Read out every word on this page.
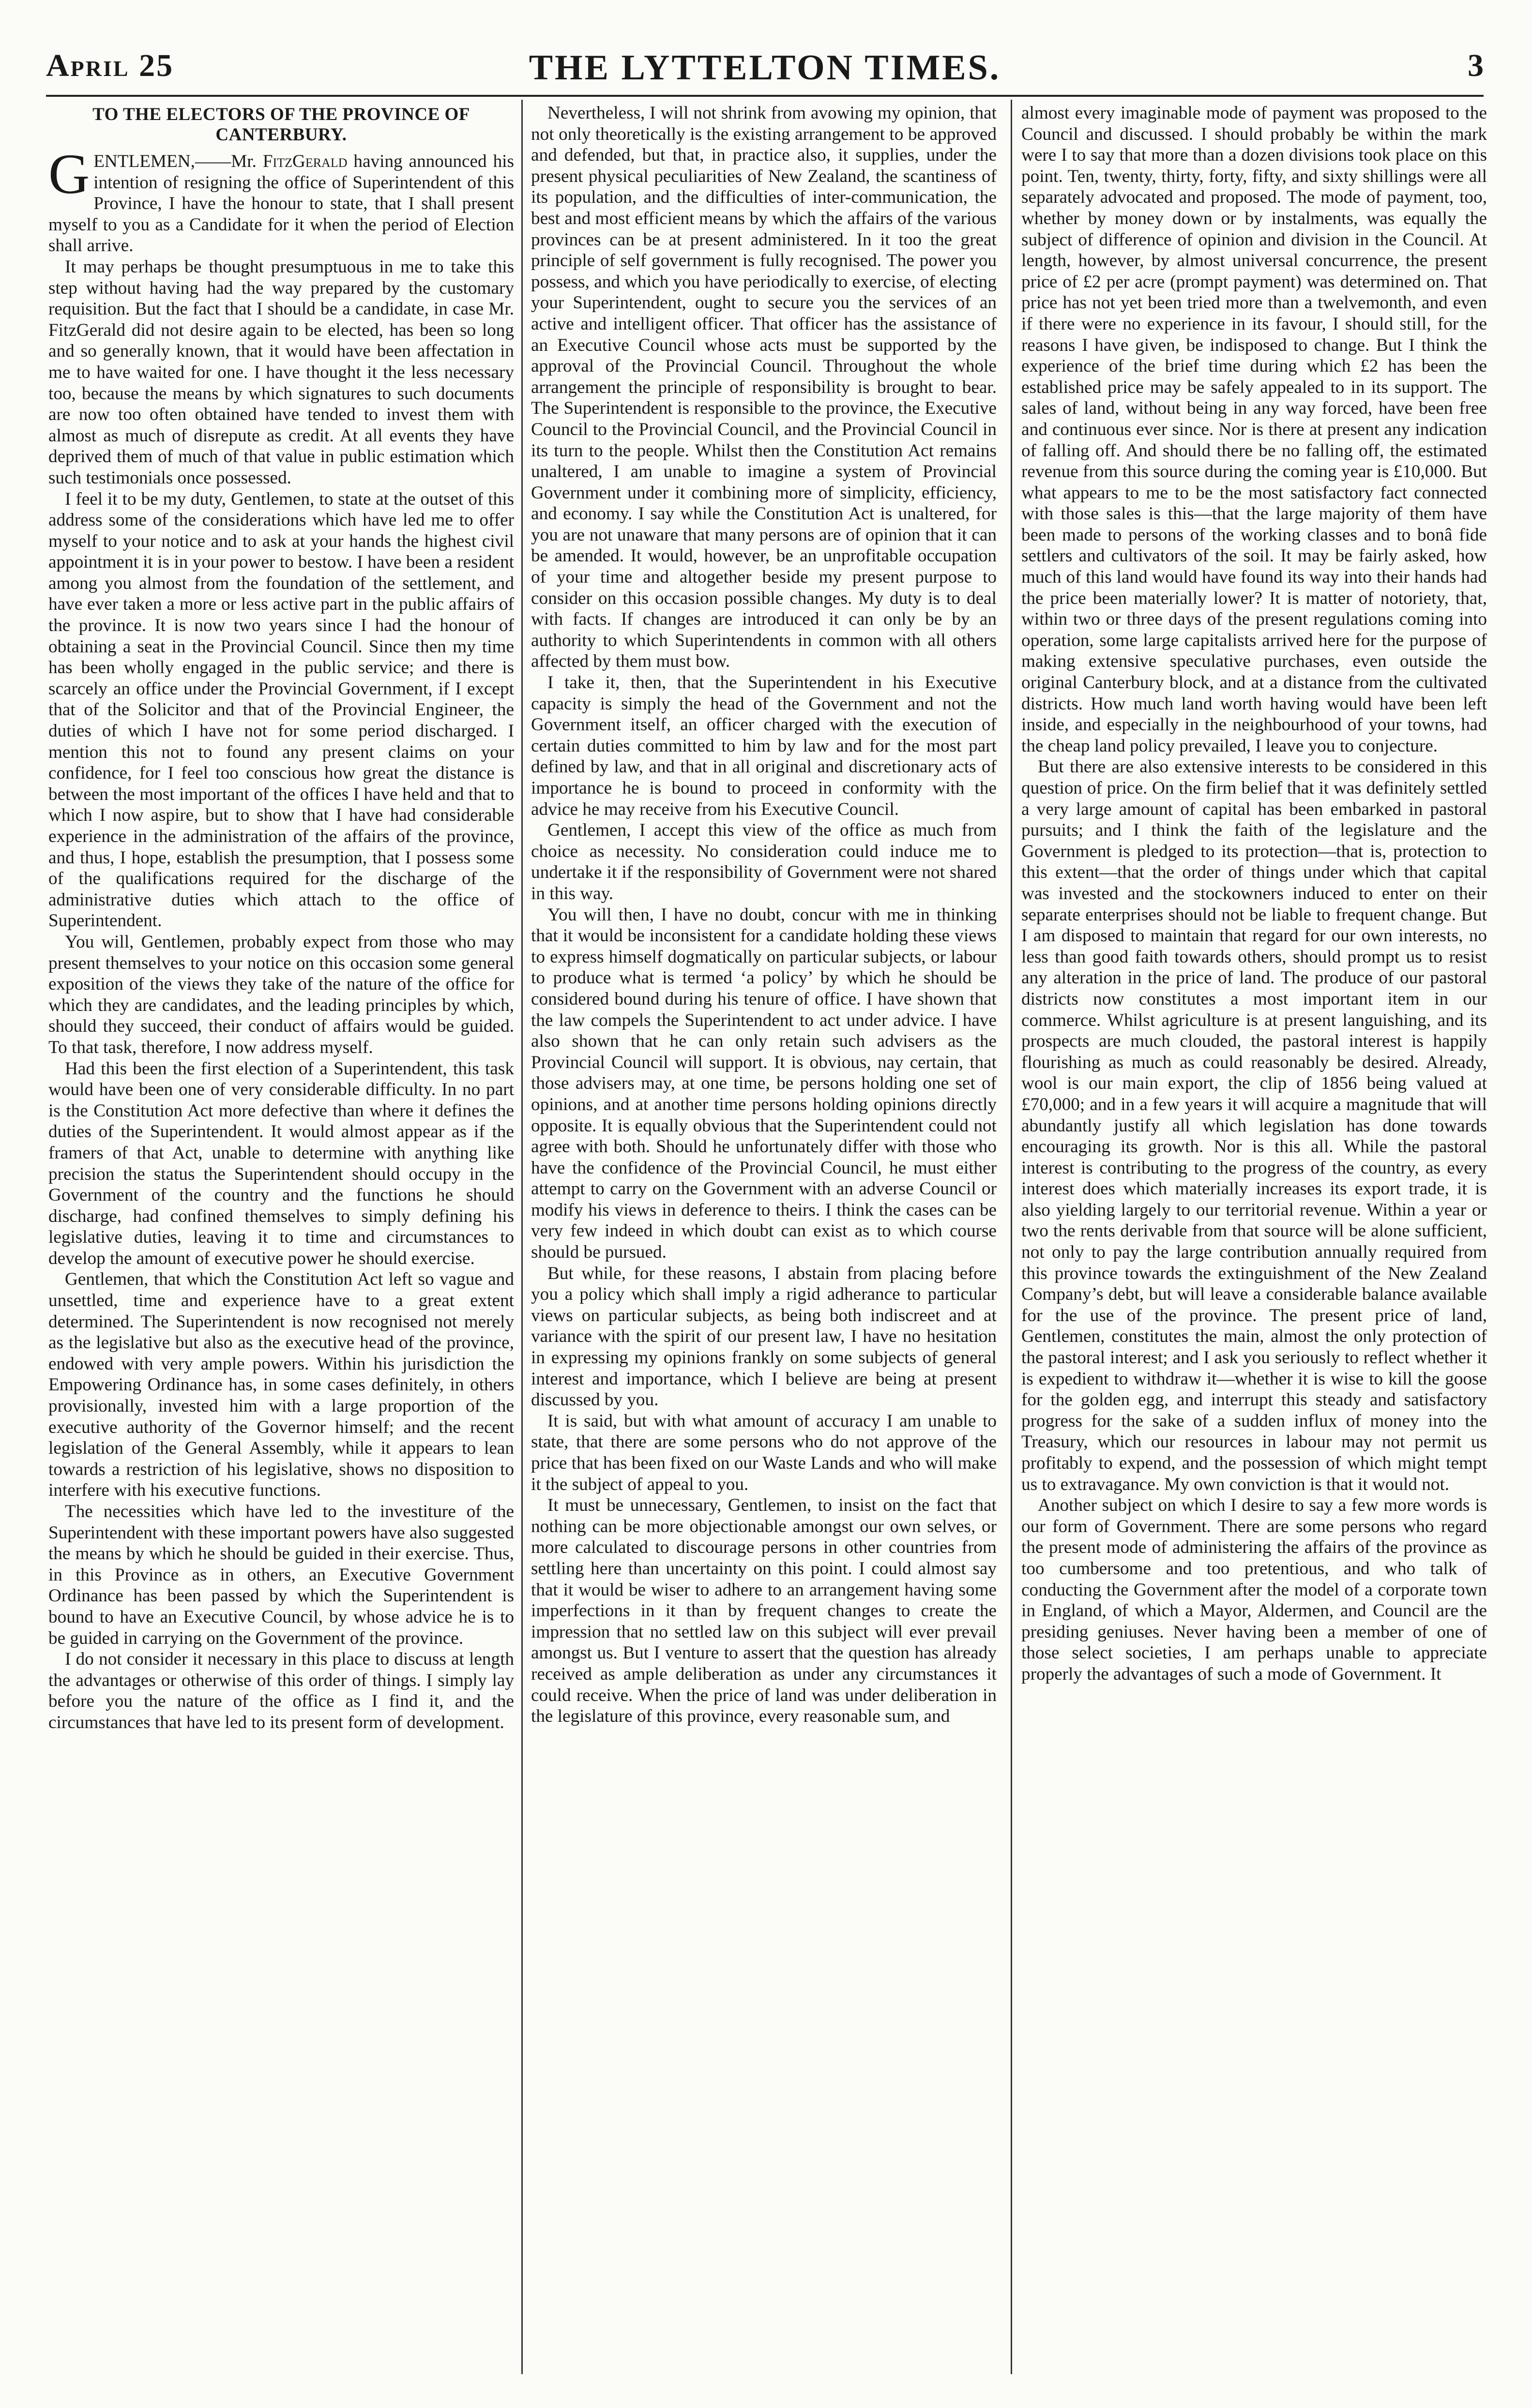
April 25	THE LYTTELTON TIMES.	3
TO THE ELECTORS OF THE PROVINCE OF CANTERBURY.

GENTLEMEN,——Mr. FitzGerald having announced his intention of resigning the office of Superintendent of this Province, I have the honour to state, that I shall present myself to you as a Candidate for it when the period of Election shall arrive.

It may perhaps be thought presumptuous in me to take this step without having had the way prepared by the customary requisition. But the fact that I should be a candidate, in case Mr. FitzGerald did not desire again to be elected, has been so long and so generally known, that it would have been affectation in me to have waited for one. I have thought it the less necessary too, because the means by which signatures to such documents are now too often obtained have tended to invest them with almost as much of disrepute as credit. At all events they have deprived them of much of that value in public estimation which such testimonials once possessed.

I feel it to be my duty, Gentlemen, to state at the outset of this address some of the considerations which have led me to offer myself to your notice and to ask at your hands the highest civil appointment it is in your power to bestow. I have been a resident among you almost from the foundation of the settlement, and have ever taken a more or less active part in the public affairs of the province. It is now two years since I had the honour of obtaining a seat in the Provincial Council. Since then my time has been wholly engaged in the public service; and there is scarcely an office under the Provincial Government, if I except that of the Solicitor and that of the Provincial Engineer, the duties of which I have not for some period discharged. I mention this not to found any present claims on your confidence, for I feel too conscious how great the distance is between the most important of the offices I have held and that to which I now aspire, but to show that I have had considerable experience in the administration of the affairs of the province, and thus, I hope, establish the presumption, that I possess some of the qualifications required for the discharge of the administrative duties which attach to the office of Superintendent.

You will, Gentlemen, probably expect from those who may present themselves to your notice on this occasion some general exposition of the views they take of the nature of the office for which they are candidates, and the leading principles by which, should they succeed, their conduct of affairs would be guided. To that task, therefore, I now address myself.

Had this been the first election of a Superintendent, this task would have been one of very considerable difficulty. In no part is the Constitution Act more defective than where it defines the duties of the Superintendent. It would almost appear as if the framers of that Act, unable to determine with anything like precision the status the Superintendent should occupy in the Government of the country and the functions he should discharge, had confined themselves to simply defining his legislative duties, leaving it to time and circumstances to develop the amount of executive power he should exercise.

Gentlemen, that which the Constitution Act left so vague and unsettled, time and experience have to a great extent determined. The Superintendent is now recognised not merely as the legislative but also as the executive head of the province, endowed with very ample powers. Within his jurisdiction the Empowering Ordinance has, in some cases definitely, in others provisionally, invested him with a large proportion of the executive authority of the Governor himself; and the recent legislation of the General Assembly, while it appears to lean towards a restriction of his legislative, shows no disposition to interfere with his executive functions.

The necessities which have led to the investiture of the Superintendent with these important powers have also suggested the means by which he should be guided in their exercise. Thus, in this Province as in others, an Executive Government Ordinance has been passed by which the Superintendent is bound to have an Executive Council, by whose advice he is to be guided in carrying on the Government of the province.

I do not consider it necessary in this place to discuss at length the advantages or otherwise of this order of things. I simply lay before you the nature of the office as I find it, and the circumstances that have led to its present form of development.

Nevertheless, I will not shrink from avowing my opinion, that not only theoretically is the existing arrangement to be approved and defended, but that, in practice also, it supplies, under the present physical peculiarities of New Zealand, the scantiness of its population, and the difficulties of inter-communication, the best and most efficient means by which the affairs of the various provinces can be at present administered. In it too the great principle of self government is fully recognised. The power you possess, and which you have periodically to exercise, of electing your Superintendent, ought to secure you the services of an active and intelligent officer. That officer has the assistance of an Executive Council whose acts must be supported by the approval of the Provincial Council. Throughout the whole arrangement the principle of responsibility is brought to bear. The Superintendent is responsible to the province, the Executive Council to the Provincial Council, and the Provincial Council in its turn to the people. Whilst then the Constitution Act remains unaltered, I am unable to imagine a system of Provincial Government under it combining more of simplicity, efficiency, and economy. I say while the Constitution Act is unaltered, for you are not unaware that many persons are of opinion that it can be amended. It would, however, be an unprofitable occupation of your time and altogether beside my present purpose to consider on this occasion possible changes. My duty is to deal with facts. If changes are introduced it can only be by an authority to which Superintendents in common with all others affected by them must bow.

I take it, then, that the Superintendent in his Executive capacity is simply the head of the Government and not the Government itself, an officer charged with the execution of certain duties committed to him by law and for the most part defined by law, and that in all original and discretionary acts of importance he is bound to proceed in conformity with the advice he may receive from his Executive Council.

Gentlemen, I accept this view of the office as much from choice as necessity. No consideration could induce me to undertake it if the responsibility of Government were not shared in this way.

You will then, I have no doubt, concur with me in thinking that it would be inconsistent for a candidate holding these views to express himself dogmatically on particular subjects, or labour to produce what is termed ‘a policy’ by which he should be considered bound during his tenure of office. I have shown that the law compels the Superintendent to act under advice. I have also shown that he can only retain such advisers as the Provincial Council will support. It is obvious, nay certain, that those advisers may, at one time, be persons holding one set of opinions, and at another time persons holding opinions directly opposite. It is equally obvious that the Superintendent could not agree with both. Should he unfortunately differ with those who have the confidence of the Provincial Council, he must either attempt to carry on the Government with an adverse Council or modify his views in deference to theirs. I think the cases can be very few indeed in which doubt can exist as to which course should be pursued.

But while, for these reasons, I abstain from placing before you a policy which shall imply a rigid adherance to particular views on particular subjects, as being both indiscreet and at variance with the spirit of our present law, I have no hesitation in expressing my opinions frankly on some subjects of general interest and importance, which I believe are being at present discussed by you.

It is said, but with what amount of accuracy I am unable to state, that there are some persons who do not approve of the price that has been fixed on our Waste Lands and who will make it the subject of appeal to you.

It must be unnecessary, Gentlemen, to insist on the fact that nothing can be more objectionable amongst our own selves, or more calculated to discourage persons in other countries from settling here than uncertainty on this point. I could almost say that it would be wiser to adhere to an arrangement having some imperfections in it than by frequent changes to create the impression that no settled law on this subject will ever prevail amongst us. But I venture to assert that the question has already received as ample deliberation as under any circumstances it could receive. When the price of land was under deliberation in the legislature of this province, every reasonable sum, and

almost every imaginable mode of payment was proposed to the Council and discussed. I should probably be within the mark were I to say that more than a dozen divisions took place on this point. Ten, twenty, thirty, forty, fifty, and sixty shillings were all separately advocated and proposed. The mode of payment, too, whether by money down or by instalments, was equally the subject of difference of opinion and division in the Council. At length, however, by almost universal concurrence, the present price of £2 per acre (prompt payment) was determined on. That price has not yet been tried more than a twelvemonth, and even if there were no experience in its favour, I should still, for the reasons I have given, be indisposed to change. But I think the experience of the brief time during which £2 has been the established price may be safely appealed to in its support. The sales of land, without being in any way forced, have been free and continuous ever since. Nor is there at present any indication of falling off. And should there be no falling off, the estimated revenue from this source during the coming year is £10,000. But what appears to me to be the most satisfactory fact connected with those sales is this—that the large majority of them have been made to persons of the working classes and to bonâ fide settlers and cultivators of the soil. It may be fairly asked, how much of this land would have found its way into their hands had the price been materially lower? It is matter of notoriety, that, within two or three days of the present regulations coming into operation, some large capitalists arrived here for the purpose of making extensive speculative purchases, even outside the original Canterbury block, and at a distance from the cultivated districts. How much land worth having would have been left inside, and especially in the neighbourhood of your towns, had the cheap land policy prevailed, I leave you to conjecture.

But there are also extensive interests to be considered in this question of price. On the firm belief that it was definitely settled a very large amount of capital has been embarked in pastoral pursuits; and I think the faith of the legislature and the Government is pledged to its protection—that is, protection to this extent—that the order of things under which that capital was invested and the stockowners induced to enter on their separate enterprises should not be liable to frequent change. But I am disposed to maintain that regard for our own interests, no less than good faith towards others, should prompt us to resist any alteration in the price of land. The produce of our pastoral districts now constitutes a most important item in our commerce. Whilst agriculture is at present languishing, and its prospects are much clouded, the pastoral interest is happily flourishing as much as could reasonably be desired. Already, wool is our main export, the clip of 1856 being valued at £70,000; and in a few years it will acquire a magnitude that will abundantly justify all which legislation has done towards encouraging its growth. Nor is this all. While the pastoral interest is contributing to the progress of the country, as every interest does which materially increases its export trade, it is also yielding largely to our territorial revenue. Within a year or two the rents derivable from that source will be alone sufficient, not only to pay the large contribution annually required from this province towards the extinguishment of the New Zealand Company’s debt, but will leave a considerable balance available for the use of the province. The present price of land, Gentlemen, constitutes the main, almost the only protection of the pastoral interest; and I ask you seriously to reflect whether it is expedient to withdraw it—whether it is wise to kill the goose for the golden egg, and interrupt this steady and satisfactory progress for the sake of a sudden influx of money into the Treasury, which our resources in labour may not permit us profitably to expend, and the possession of which might tempt us to extravagance. My own conviction is that it would not.

Another subject on which I desire to say a few more words is our form of Government. There are some persons who regard the present mode of administering the affairs of the province as too cumbersome and too pretentious, and who talk of conducting the Government after the model of a corporate town in England, of which a Mayor, Aldermen, and Council are the presiding geniuses. Never having been a member of one of those select societies, I am perhaps unable to appreciate properly the advantages of such a mode of Government. It
